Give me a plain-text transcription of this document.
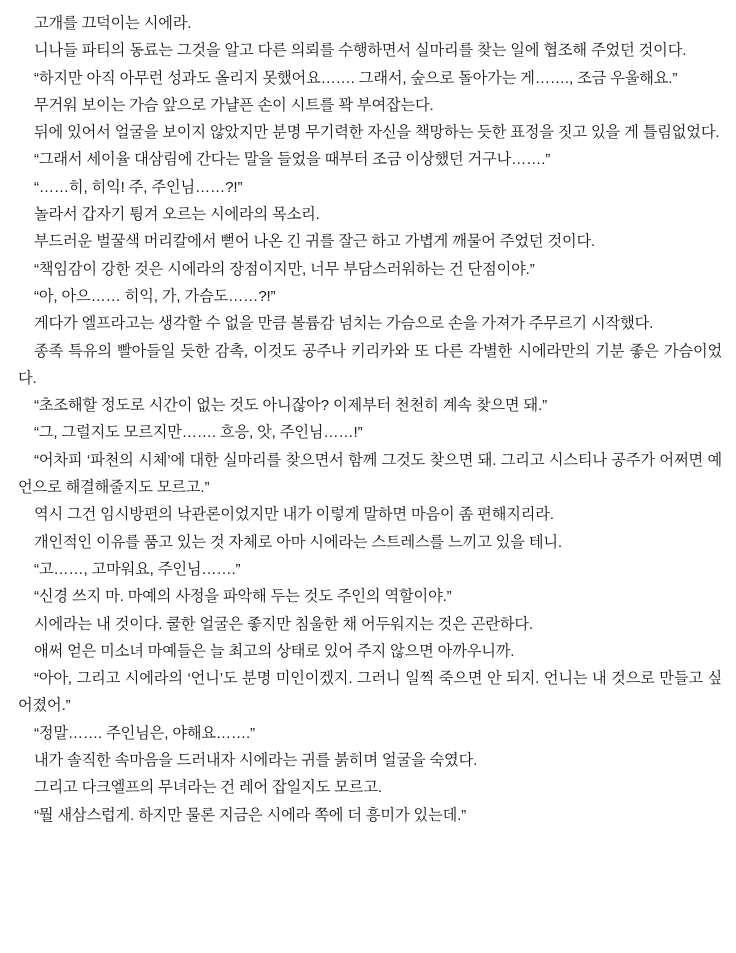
고개를 끄덕이는 시에라.

니나들 파티의 동료는 그것을 알고 다른 의뢰를 수행하면서 실마리를 찾는 일에 협조해 주었던 것이다.

“하지만 아직 아무런 성과도 올리지 못했어요……. 그래서, 숲으로 돌아가는 게……., 조금 우울해요.”

무거워 보이는 가슴 앞으로 가냘픈 손이 시트를 꽉 부여잡는다.

뒤에 있어서 얼굴을 보이지 않았지만 분명 무기력한 자신을 책망하는 듯한 표정을 짓고 있을 게 틀림없었다.

“그래서 세이율 대삼림에 간다는 말을 들었을 때부터 조금 이상했던 거구나…….”

“……히, 히익! 주, 주인님……?!”

놀라서 갑자기 튕겨 오르는 시에라의 목소리.

부드러운 벌꿀색 머리칼에서 뻗어 나온 긴 귀를 잘근 하고 가볍게 깨물어 주었던 것이다.

“책임감이 강한 것은 시에라의 장점이지만, 너무 부담스러워하는 건 단점이야.”

“아, 아으…… 히익, 가, 가슴도……?!”

게다가 엘프라고는 생각할 수 없을 만큼 볼륨감 넘치는 가슴으로 손을 가져가 주무르기 시작했다.

종족 특유의 빨아들일 듯한 감촉, 이것도 공주나 키리카와 또 다른 각별한 시에라만의 기분 좋은 가슴이었다.

“초조해할 정도로 시간이 없는 것도 아니잖아? 이제부터 천천히 계속 찾으면 돼.”

“그, 그럴지도 모르지만……. 흐응, 앗, 주인님……!”

“어차피 ‘파천의 시체’에 대한 실마리를 찾으면서 함께 그것도 찾으면 돼. 그리고 시스티나 공주가 어쩌면 예언으로 해결해줄지도 모르고.”

역시 그건 임시방편의 낙관론이었지만 내가 이렇게 말하면 마음이 좀 편해지리라.

개인적인 이유를 품고 있는 것 자체로 아마 시에라는 스트레스를 느끼고 있을 테니.

“고……, 고마워요, 주인님…….”

“신경 쓰지 마. 마예의 사정을 파악해 두는 것도 주인의 역할이야.”

시에라는 내 것이다. 쿨한 얼굴은 좋지만 침울한 채 어두워지는 것은 곤란하다.

애써 얻은 미소녀 마예들은 늘 최고의 상태로 있어 주지 않으면 아까우니까.

“아아, 그리고 시에라의 ‘언니’도 분명 미인이겠지. 그러니 일찍 죽으면 안 되지. 언니는 내 것으로 만들고 싶어졌어.”

“정말……. 주인님은, 야해요…….”

내가 솔직한 속마음을 드러내자 시에라는 귀를 붉히며 얼굴을 숙였다.

그리고 다크엘프의 무녀라는 건 레어 잡일지도 모르고.

“뭘 새삼스럽게. 하지만 물론 지금은 시에라 쪽에 더 흥미가 있는데.”
